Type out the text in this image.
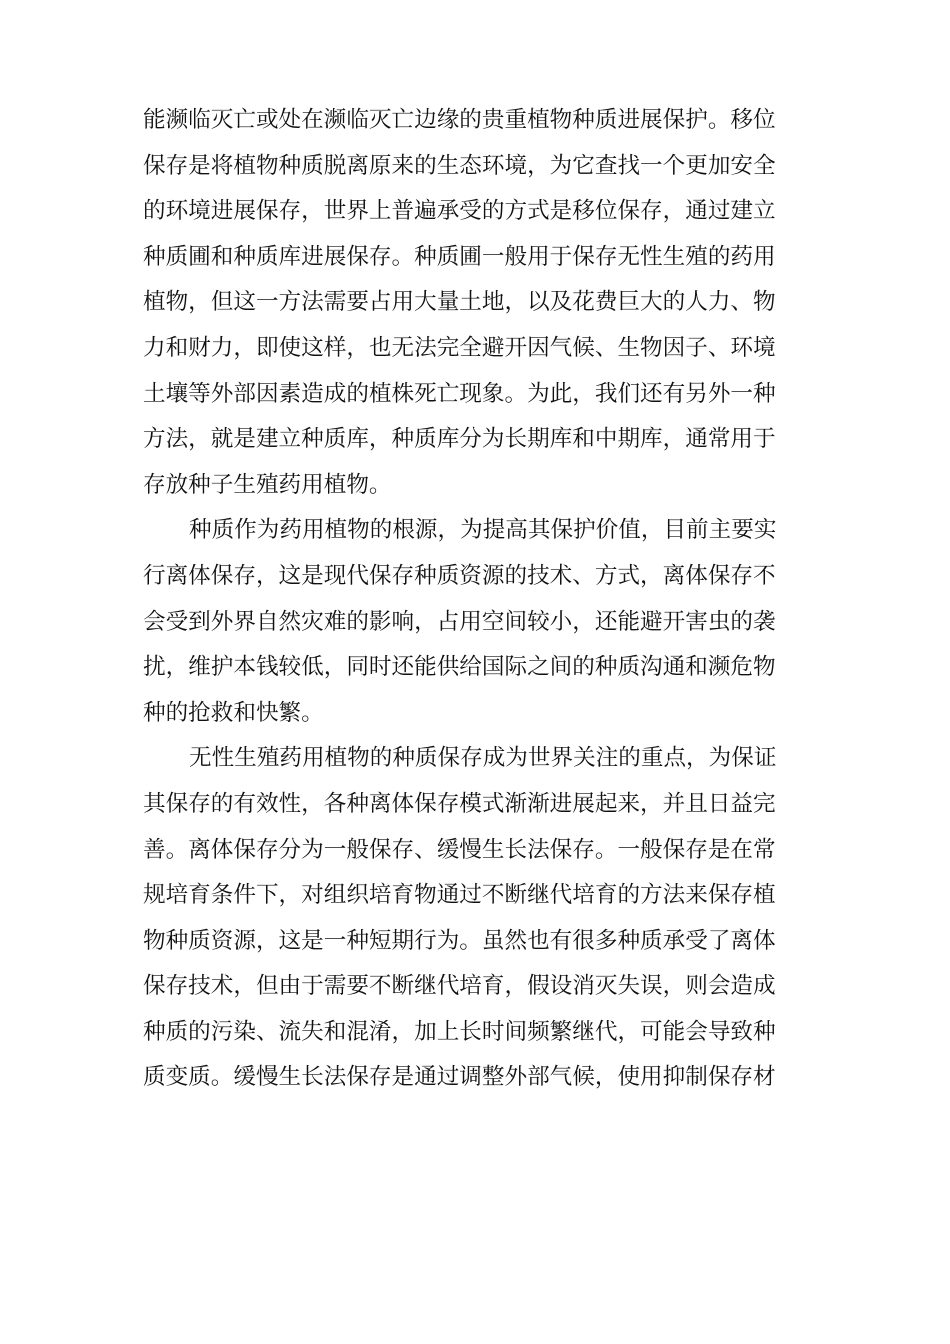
能濒临灭亡或处在濒临灭亡边缘的贵重植物种质进展保护。移位
保存是将植物种质脱离原来的生态环境，为它查找一个更加安全
的环境进展保存，世界上普遍承受的方式是移位保存，通过建立
种质圃和种质库进展保存。种质圃一般用于保存无性生殖的药用
植物，但这一方法需要占用大量土地，以及花费巨大的人力、物
力和财力，即使这样，也无法完全避开因气候、生物因子、环境
土壤等外部因素造成的植株死亡现象。为此，我们还有另外一种
方法，就是建立种质库，种质库分为长期库和中期库，通常用于
存放种子生殖药用植物。
种质作为药用植物的根源，为提高其保护价值，目前主要实
行离体保存，这是现代保存种质资源的技术、方式，离体保存不
会受到外界自然灾难的影响，占用空间较小，还能避开害虫的袭
扰，维护本钱较低，同时还能供给国际之间的种质沟通和濒危物
种的抢救和快繁。
无性生殖药用植物的种质保存成为世界关注的重点，为保证
其保存的有效性，各种离体保存模式渐渐进展起来，并且日益完
善。离体保存分为一般保存、缓慢生长法保存。一般保存是在常
规培育条件下，对组织培育物通过不断继代培育的方法来保存植
物种质资源，这是一种短期行为。虽然也有很多种质承受了离体
保存技术，但由于需要不断继代培育，假设消灭失误，则会造成
种质的污染、流失和混淆，加上长时间频繁继代，可能会导致种
质变质。缓慢生长法保存是通过调整外部气候，使用抑制保存材
